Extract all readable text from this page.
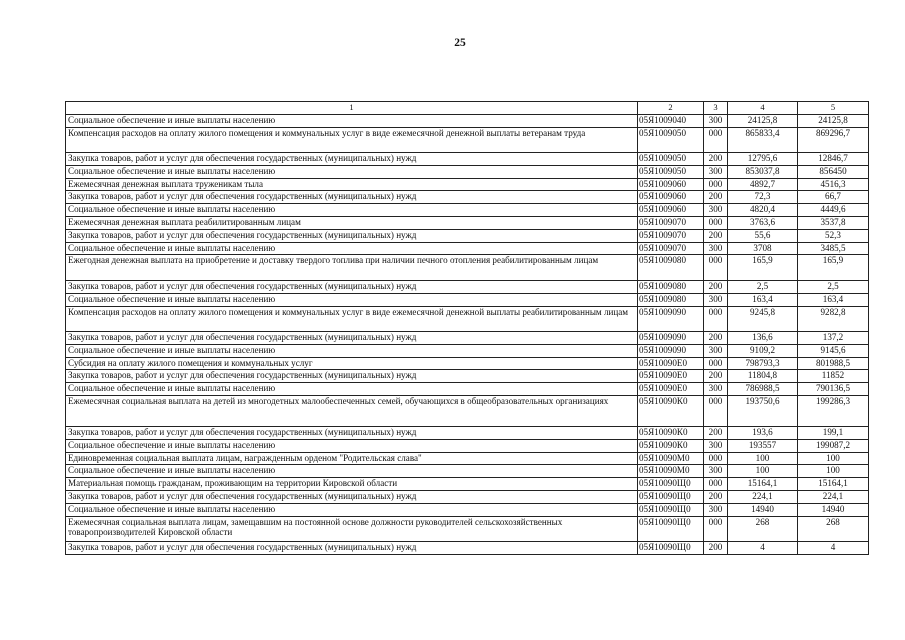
25
1	2	3	4	5
Социальное обеспечение и иные выплаты населению	05Я1009040	300	24125,8	24125,8
Компенсация расходов на оплату жилого помещения и коммунальных услуг в виде ежемесячной денежной выплаты ветеранам труда	05Я1009050	000	865833,4	869296,7
Закупка товаров, работ и услуг для обеспечения государственных (муниципальных) нужд	05Я1009050	200	12795,6	12846,7
Социальное обеспечение и иные выплаты населению	05Я1009050	300	853037,8	856450
Ежемесячная денежная выплата труженикам тыла	05Я1009060	000	4892,7	4516,3
Закупка товаров, работ и услуг для обеспечения государственных (муниципальных) нужд	05Я1009060	200	72,3	66,7
Социальное обеспечение и иные выплаты населению	05Я1009060	300	4820,4	4449,6
Ежемесячная денежная выплата реабилитированным лицам	05Я1009070	000	3763,6	3537,8
Закупка товаров, работ и услуг для обеспечения государственных (муниципальных) нужд	05Я1009070	200	55,6	52,3
Социальное обеспечение и иные выплаты населению	05Я1009070	300	3708	3485,5
Ежегодная денежная выплата на приобретение и доставку твердого топлива при наличии печного отопления реабилитированным лицам	05Я1009080	000	165,9	165,9
Закупка товаров, работ и услуг для обеспечения государственных (муниципальных) нужд	05Я1009080	200	2,5	2,5
Социальное обеспечение и иные выплаты населению	05Я1009080	300	163,4	163,4
Компенсация расходов на оплату жилого помещения и коммунальных услуг в виде ежемесячной денежной выплаты реабилитированным лицам	05Я1009090	000	9245,8	9282,8
Закупка товаров, работ и услуг для обеспечения государственных (муниципальных) нужд	05Я1009090	200	136,6	137,2
Социальное обеспечение и иные выплаты населению	05Я1009090	300	9109,2	9145,6
Субсидия на оплату жилого помещения и коммунальных услуг	05Я10090Е0	000	798793,3	801988,5
Закупка товаров, работ и услуг для обеспечения государственных (муниципальных) нужд	05Я10090Е0	200	11804,8	11852
Социальное обеспечение и иные выплаты населению	05Я10090Е0	300	786988,5	790136,5
Ежемесячная социальная выплата на детей из многодетных малообеспеченных семей, обучающихся в общеобразовательных организациях	05Я10090К0	000	193750,6	199286,3
Закупка товаров, работ и услуг для обеспечения государственных (муниципальных) нужд	05Я10090К0	200	193,6	199,1
Социальное обеспечение и иные выплаты населению	05Я10090К0	300	193557	199087,2
Единовременная социальная выплата лицам, награжденным орденом "Родительская слава"	05Я10090М0	000	100	100
Социальное обеспечение и иные выплаты населению	05Я10090М0	300	100	100
Материальная помощь гражданам, проживающим на территории Кировской области	05Я10090Щ0	000	15164,1	15164,1
Закупка товаров, работ и услуг для обеспечения государственных (муниципальных) нужд	05Я10090Щ0	200	224,1	224,1
Социальное обеспечение и иные выплаты населению	05Я10090Щ0	300	14940	14940
Ежемесячная социальная выплата лицам, замещавшим на постоянной основе должности руководителей сельскохозяйственных товаропроизводителей Кировской области	05Я10090Щ0	000	268	268
Закупка товаров, работ и услуг для обеспечения государственных (муниципальных) нужд	05Я10090Щ0	200	4	4
